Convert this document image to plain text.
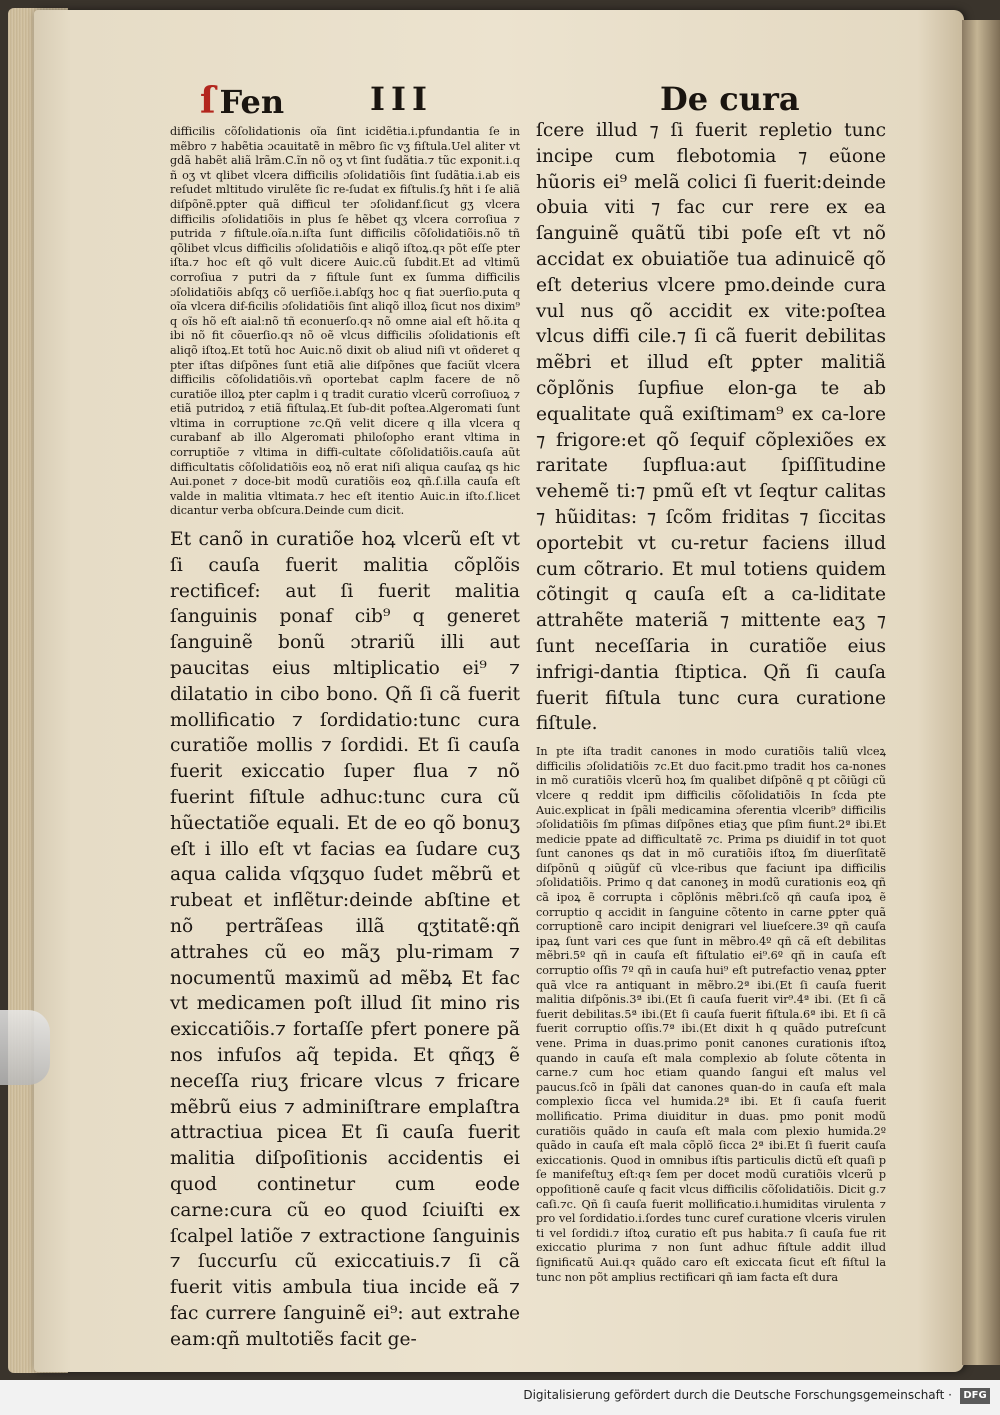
ſ Fen	III	De cura

difficilis cõſolidationis oĩa ſint icidẽtia.i.pfundantia ſe in mẽbro ⁊ habẽtia ɔcauitatẽ in mẽbro ſic vʒ fiſtula.Uel aliter vt gdã habẽt aliã lrãm.C.ĩn nõ oʒ vt ſint ſudãtia.⁊ tũc exponit.i.q ñ oʒ vt qlibet vlcera difficilis ɔſolidatiõis ſint ſudãtia.i.ab eis reſudet mltitudo virulẽte ſic re-ſudat ex fiſtulis.ſʒ hñt i ſe aliã diſpõnẽ.ppter quã difficul ter ɔſolidanf.ſicut gʒ vlcera difficilis ɔſolidatiõis in plus ſe hẽbet qʒ vlcera corroſiua ⁊ putrida ⁊ fiſtule.oĩa.n.iſta ſunt difficilis cõſolidatiõis.nõ tñ qõlibet vlcus difficilis ɔſolidatiõis e aliqõ iſtoꝝ.qꝛ põt eſſe pter iſta.⁊ hoc eſt qõ vult dicere Auic.cũ ſubdit.Et ad vltimũ corroſiua ⁊ putri da ⁊ fiſtule ſunt ex ſumma difficilis ɔſolidatiõis abſqʒ cõ uerſiõe.i.abſqʒ hoc q fiat ɔuerſio.puta q oĩa vlcera dif-ficilis ɔſolidatiõis ſint aliqõ illoꝝ ſicut nos dixim⁹ q oĩs hõ eſt aial:nõ tñ econuerſo.qꝛ nõ omne aial eſt hõ.ita q ibi nõ fit cõuerſio.qꝛ nõ oẽ vlcus difficilis ɔſolidationis eſt aliqõ iſtoꝝ.Et totũ hoc Auic.nõ dixit ob aliud niſi vt oñderet q pter iſtas diſpõnes ſunt etiã alie diſpõnes que faciũt vlcera difficilis cõſolidatiõis.vñ oportebat caplm facere de nõ curatiõe illoꝝ pter caplm i q tradit curatio vlcerũ corroſiuoꝝ ⁊ etiã putridoꝝ ⁊ etiã fiſtulaꝝ.Et ſub-dit poſtea.Algeromati ſunt vltima in corruptione ⁊c.Qñ velit dicere q illa vlcera q curabanf ab illo Algeromati philoſopho erant vltima in corruptiõe ⁊ vltima in diffi-cultate cõſolidatiõis.cauſa aũt difficultatis cõſolidatiõis eoꝝ nõ erat niſi aliqua cauſaꝝ qs hic Aui.ponet ⁊ doce-bit modũ curatiõis eoꝝ qñ.ſ.illa cauſa eſt valde in malitia vltimata.⁊ hec eſt itentio Auic.in iſto.ſ.licet dicantur verba obſcura.Deinde cum dicit.

Et canõ in curatiõe hoꝝ vlcerũ eſt vt ſi cauſa fuerit malitia cõplõis rectificef: aut ſi fuerit malitia ſanguinis ponaf cib⁹ q generet ſanguinẽ bonũ ɔtrariũ illi aut paucitas eius mltiplicatio ei⁹ ⁊ dilatatio in cibo bono. Qñ ſi cã fuerit mollificatio ⁊ ſordidatio:tunc cura curatiõe mollis ⁊ ſordidi. Et ſi cauſa fuerit exiccatio ſuper flua ⁊ nõ fuerint fiſtule adhuc:tunc cura cũ hũectatiõe equali. Et de eo qõ bonuʒ eſt i illo eſt vt facias ea ſudare cuʒ aqua calida vſqʒquo ſudet mẽbrũ et rubeat et inflẽtur:deinde abſtine et nõ pertrãſeas illã qʒtitatẽ:qñ attrahes cũ eo mãʒ plu-rimam ⁊ nocumentũ maximũ ad mẽbꝝ Et fac vt medicamen poſt illud ſit mino ris exiccatiõis.⁊ fortaſſe pfert ponere pã nos infuſos aq̃ tepida. Et qñqʒ ẽ neceſſa riuʒ fricare vlcus ⁊ fricare mẽbrũ eius ⁊ adminiſtrare emplaſtra attractiua picea Et ſi cauſa fuerit malitia diſpoſitionis accidentis ei quod continetur cum eode carne:cura cũ eo quod ſciuiſti ex ſcalpel latiõe ⁊ extractione ſanguinis ⁊ ſuccurſu cũ exiccatiuis.⁊ ſi cã fuerit vitis ambula tiua incide eã ⁊ fac currere ſanguinẽ ei⁹: aut extrahe eam:qñ multotiẽs facit ge-

ſcere illud ⁊ ſi fuerit repletio tunc incipe cum flebotomia ⁊ eũone hũoris ei⁹ melã colici ſi fuerit:deinde obuia viti ⁊ fac cur rere ex ea ſanguinẽ quãtũ tibi poſe eſt vt nõ accidat ex obuiatiõe tua adinuicẽ qõ eſt deterius vlcere pmo.deinde cura vul nus qõ accidit ex vite:poſtea vlcus diffi cile.⁊ ſi cã fuerit debilitas mẽbri et illud eſt ꝑpter malitiã cõplõnis ſupfiue elon-ga te ab equalitate quã exiſtimam⁹ ex ca-lore ⁊ frigore:et qõ ſequif cõplexiões ex raritate ſupflua:aut ſpiſſitudine vehemẽ ti:⁊ pmũ eſt vt ſeqtur calitas ⁊ hũiditas: ⁊ ſcõm friditas ⁊ ſiccitas oportebit vt cu-retur faciens illud cum cõtrario. Et mul totiens quidem cõtingit q cauſa eſt a ca-liditate attrahẽte materiã ⁊ mittente eaʒ ⁊ ſunt neceſſaria in curatiõe eius infrigi-dantia ſtiptica. Qñ ſi cauſa fuerit fiſtula tunc cura curatione fiſtule.

In pte iſta tradit canones in modo curatiõis taliũ vlceꝝ difficilis ɔſolidatiõis ⁊c.Et duo facit.pmo tradit hos ca-nones in mõ curatiõis vlcerũ hoꝝ ſm qualibet diſpõnẽ q pt cõiũgi cũ vlcere q reddit ipm difficilis cõſolidatiõis In ſcda pte Auic.explicat in ſpãli medicamina ɔferentia vlcerib⁹ difficilis ɔſolidatiõis ſm pſimas diſpõnes etiaʒ que pſim fiunt.2ª ibi.Et medicie ppate ad difficultatẽ ⁊c. Prima ps diuidif in tot quot ſunt canones qs dat in mõ curatiõis iſtoꝝ ſm diuerſitatẽ diſpõnũ q ɔiũgũf cũ vlce-ribus que faciunt ipa difficilis ɔſolidatiõis. Primo q dat canoneʒ in modũ curationis eoꝝ qñ cã ipoꝝ ẽ corrupta i cõplõnis mẽbri.ſcõ qñ cauſa ipoꝝ ẽ corruptio q accidit in ſanguine cõtento in carne ꝑpter quã corruptionẽ caro incipit denigrari vel liueſcere.3º qñ cauſa ipaꝝ ſunt vari ces que ſunt in mẽbro.4º qñ cã eſt debilitas mẽbri.5º qñ in cauſa eſt fiſtulatio ei⁹.6º qñ in cauſa eſt corruptio oſſis 7º qñ in cauſa hui⁹ eſt putrefactio venaꝝ ꝑpter quã vlce ra antiquant in mẽbro.2ª ibi.(Et ſi cauſa fuerit malitia diſpõnis.3ª ibi.(Et ſi cauſa fuerit vir⁹.4ª ibi. (Et ſi cã fuerit debilitas.5ª ibi.(Et ſi cauſa fuerit fiſtula.6ª ibi. Et ſi cã fuerit corruptio oſſis.7ª ibi.(Et dixit h q quãdo putreſcunt vene. Prima in duas.primo ponit canones curationis iſtoꝝ quando in cauſa eſt mala complexio ab ſolute cõtenta in carne.⁊ cum hoc etiam quando ſangui eſt malus vel paucus.ſcõ in ſpãli dat canones quan-do in cauſa eſt mala complexio ſicca vel humida.2ª ibi. Et ſi cauſa fuerit mollificatio. Prima diuiditur in duas. pmo ponit modũ curatiõis quãdo in cauſa eſt mala com plexio humida.2º quãdo in cauſa eſt mala cõplõ ſicca 2ª ibi.Et ſi fuerit cauſa exiccationis. Quod in omnibus iſtis particulis dictũ eſt quaſi p ſe manifeſtuʒ eſt:qꝛ ſem per docet modũ curatiõis vlcerũ p oppoſitionẽ cauſe q facit vlcus difficilis cõſolidatiõis. Dicit g.⁊ caſi.⁊c. Qñ ſi cauſa fuerit mollificatio.i.humiditas virulenta ⁊ pro vel ſordidatio.i.ſordes tunc curef curatione vlceris virulen ti vel ſordidi.⁊ iſtoꝝ curatio eſt pus habita.⁊ ſi cauſa fue rit exiccatio plurima ⁊ non ſunt adhuc fiſtule addit illud ſignificatũ Aui.qꝛ quãdo caro eſt exiccata ſicut eſt fiſtul la tunc non põt amplius rectificari qñ iam facta eſt dura

Digitalisierung gefördert durch die Deutsche Forschungsgemeinschaft ·	DFG
